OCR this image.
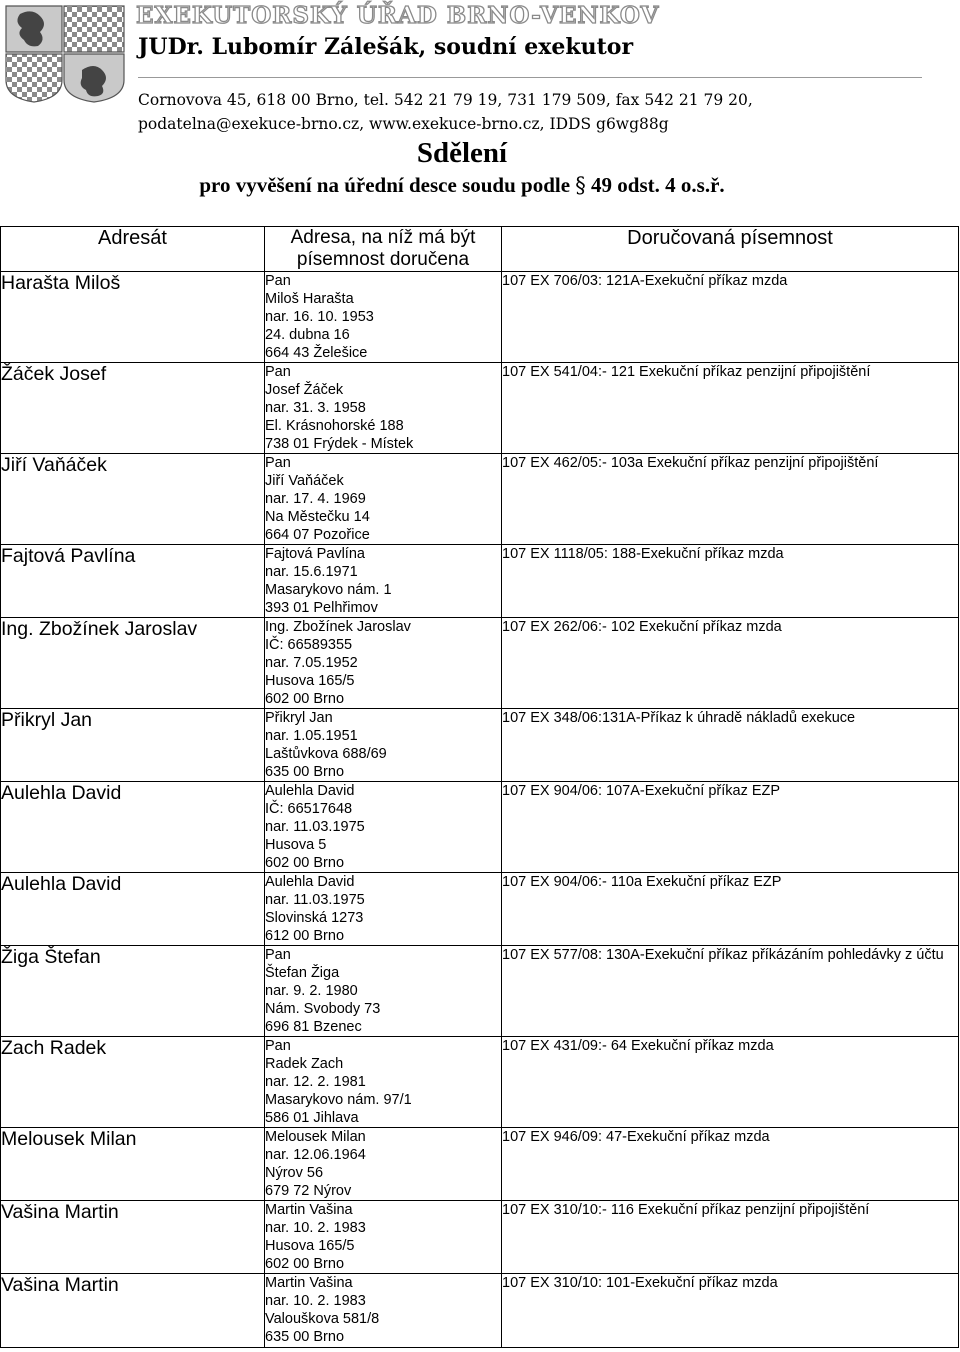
EXEKUTORSKÝ ÚŘAD BRNO-VENKOV
JUDr. Lubomír Zálešák, soudní exekutor
Cornovova 45, 618 00 Brno, tel. 542 21 79 19, 731 179 509, fax 542 21 79 20,
podatelna@exekuce-brno.cz, www.exekuce-brno.cz, IDDS g6wg88g
Sdělení
pro vyvěšení na úřední desce soudu podle § 49 odst. 4 o.s.ř.
Adresát	Adresa, na níž má být písemnost doručena	Doručovaná písemnost
Harašta Miloš	Pan
Miloš Harašta
nar. 16. 10. 1953
24. dubna 16
664 43 Želešice	107 EX 706/03: 121A-Exekuční příkaz mzda

Žáček Josef	Pan
Josef Žáček
nar. 31. 3. 1958
El. Krásnohorské 188
738 01 Frýdek - Místek	107 EX 541/04:- 121 Exekuční příkaz penzijní připojištění

Jiří Vaňáček	Pan
Jiří Vaňáček
nar. 17. 4. 1969
Na Městečku 14
664 07 Pozořice	107 EX 462/05:- 103a Exekuční příkaz penzijní připojištění

Fajtová Pavlína	Fajtová Pavlína
nar. 15.6.1971
Masarykovo nám. 1
393 01 Pelhřimov	107 EX 1118/05: 188-Exekuční příkaz mzda

Ing. Zbožínek Jaroslav	Ing. Zbožínek Jaroslav
IČ: 66589355
nar. 7.05.1952
Husova 165/5
602 00 Brno	107 EX 262/06:- 102 Exekuční příkaz mzda

Přikryl Jan	Přikryl Jan
nar. 1.05.1951
Laštůvkova 688/69
635 00 Brno	107 EX 348/06:131A-Příkaz k úhradě nákladů exekuce

Aulehla David	Aulehla David
IČ: 66517648
nar. 11.03.1975
Husova 5
602 00 Brno	107 EX 904/06: 107A-Exekuční příkaz EZP

Aulehla David	Aulehla David
nar. 11.03.1975
Slovinská 1273
612 00 Brno	107 EX 904/06:- 110a Exekuční příkaz EZP

Žiga Štefan	Pan
Štefan Žiga
nar. 9. 2. 1980
Nám. Svobody 73
696 81 Bzenec	107 EX 577/08: 130A-Exekuční příkaz příkázáním pohledávky z účtu

Zach Radek	Pan
Radek Zach
nar. 12. 2. 1981
Masarykovo nám. 97/1
586 01 Jihlava	107 EX 431/09:- 64 Exekuční příkaz mzda

Melousek Milan	Melousek Milan
nar. 12.06.1964
Nýrov 56
679 72 Nýrov	107 EX 946/09: 47-Exekuční příkaz mzda

Vašina Martin	Martin Vašina
nar. 10. 2. 1983
Husova 165/5
602 00 Brno	107 EX 310/10:- 116 Exekuční příkaz penzijní připojištění

Vašina Martin	Martin Vašina
nar. 10. 2. 1983
Valouškova 581/8
635 00 Brno	107 EX 310/10: 101-Exekuční příkaz mzda
